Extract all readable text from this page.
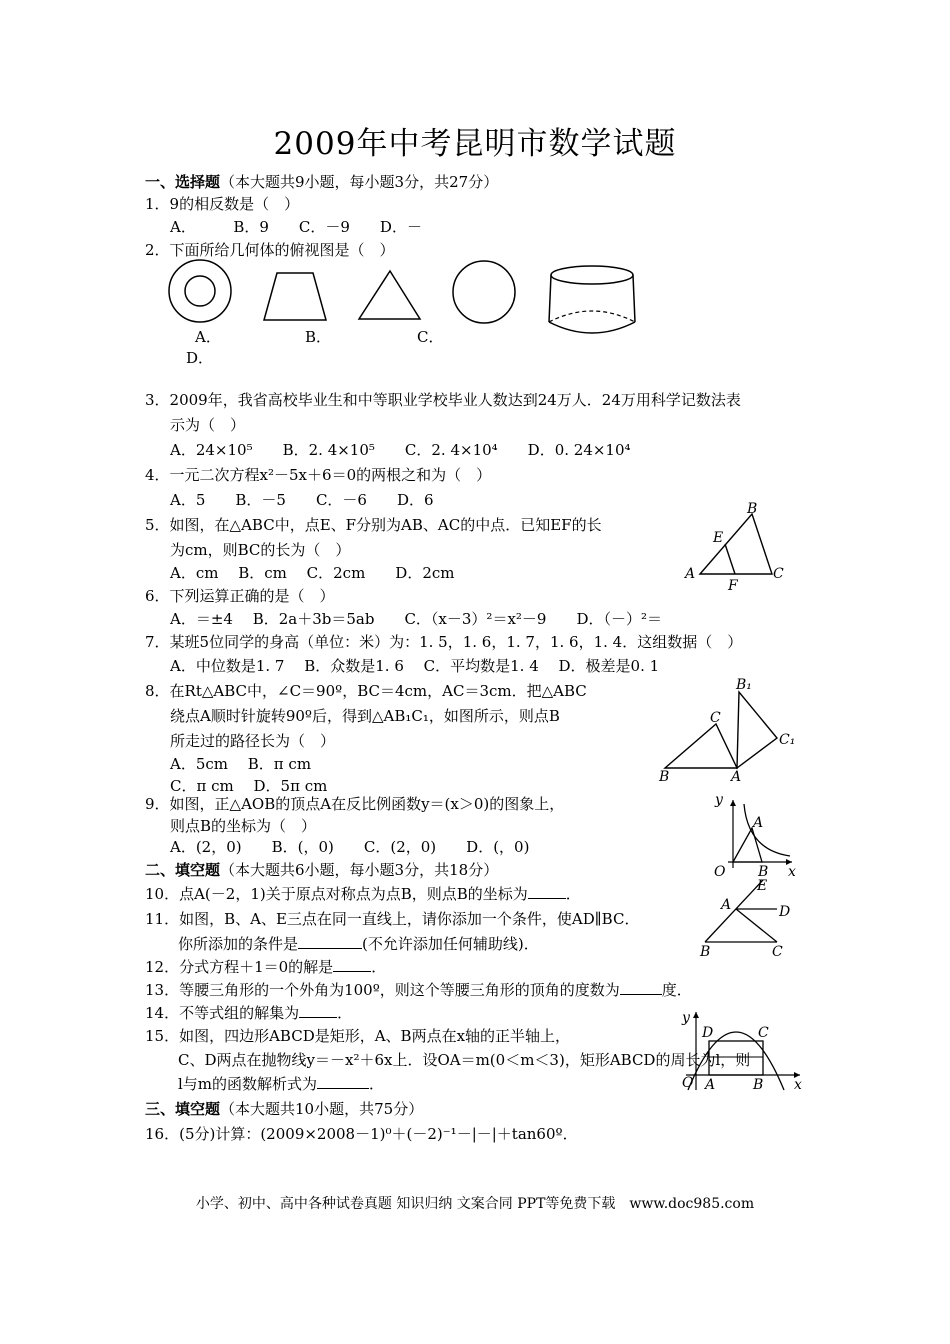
2009年中考昆明市数学试题
一、选择题（本大题共9小题，每小题3分，共27分）
1．9的相反数是（　）
A．　　　B．9　　C．－9　　D．－
2．下面所给几何体的俯视图是（　）
A．	B．	C．
D．
3．2009年，我省高校毕业生和中等职业学校毕业人数达到24万人．24万用科学记数法表
示为（　）
A．24×10⁵　　B．2. 4×10⁵　　C．2. 4×10⁴　　D．0. 24×10⁴
4．一元二次方程x²－5x＋6＝0的两根之和为（　）
A．5　　B．－5　　C．－6　　D．6
5．如图，在△ABC中，点E、F分别为AB、AC的中点．已知EF的长
为cm，则BC的长为（　）
A．cm　 B．cm　 C．2cm　　D．2cm
B
E
A
F
C
6．下列运算正确的是（　）
A．＝±4　 B．2a＋3b＝5ab　　C．（x－3）²＝x²－9　　D．（－）²＝
7．某班5位同学的身高（单位：米）为：1. 5，1. 6，1. 7，1. 6，1. 4．这组数据（　）
A．中位数是1. 7　 B．众数是1. 6　 C．平均数是1. 4　 D．极差是0. 1
8．在Rt△ABC中，∠C＝90º，BC＝4cm，AC＝3cm．把△ABC
绕点A顺时针旋转90º后，得到△AB₁C₁，如图所示，则点B
所走过的路径长为（　）
A．5cm　 B．π cm
C．π cm　 D．5π cm
B₁
C
C₁
B	A
9．如图，正△AOB的顶点A在反比例函数y＝(x＞0)的图象上，
则点B的坐标为（　）
A．(2，0)　　B．(，0)　　C．(2，0)　　D．(，0)
y
A
O B x
二、填空题（本大题共6小题，每小题3分，共18分）
10．点A(－2，1)关于原点对称点为点B，则点B的坐标为	．
11．如图，B、A、E三点在同一直线上，请你添加一个条件，使AD∥BC．
你所添加的条件是	(不允许添加任何辅助线)．
E
A	D
B	C
12．分式方程＋1＝0的解是	．
13．等腰三角形的一个外角为100º，则这个等腰三角形的顶角的度数为	度．
14．不等式组的解集为	．	y
D	C
O A	B x
15．如图，四边形ABCD是矩形，A、B两点在x轴的正半轴上，
C、D两点在抛物线y＝－x²＋6x上．设OA＝m(0＜m＜3)，矩形ABCD的周长为l，则
l与m的函数解析式为	．
三、填空题（本大题共10小题，共75分）
16．(5分)计算：(2009×2008－1)⁰＋(－2)⁻¹－|－|＋tan60º．
小学、初中、高中各种试卷真题 知识归纳 文案合同 PPT等免费下载　www.doc985.com
